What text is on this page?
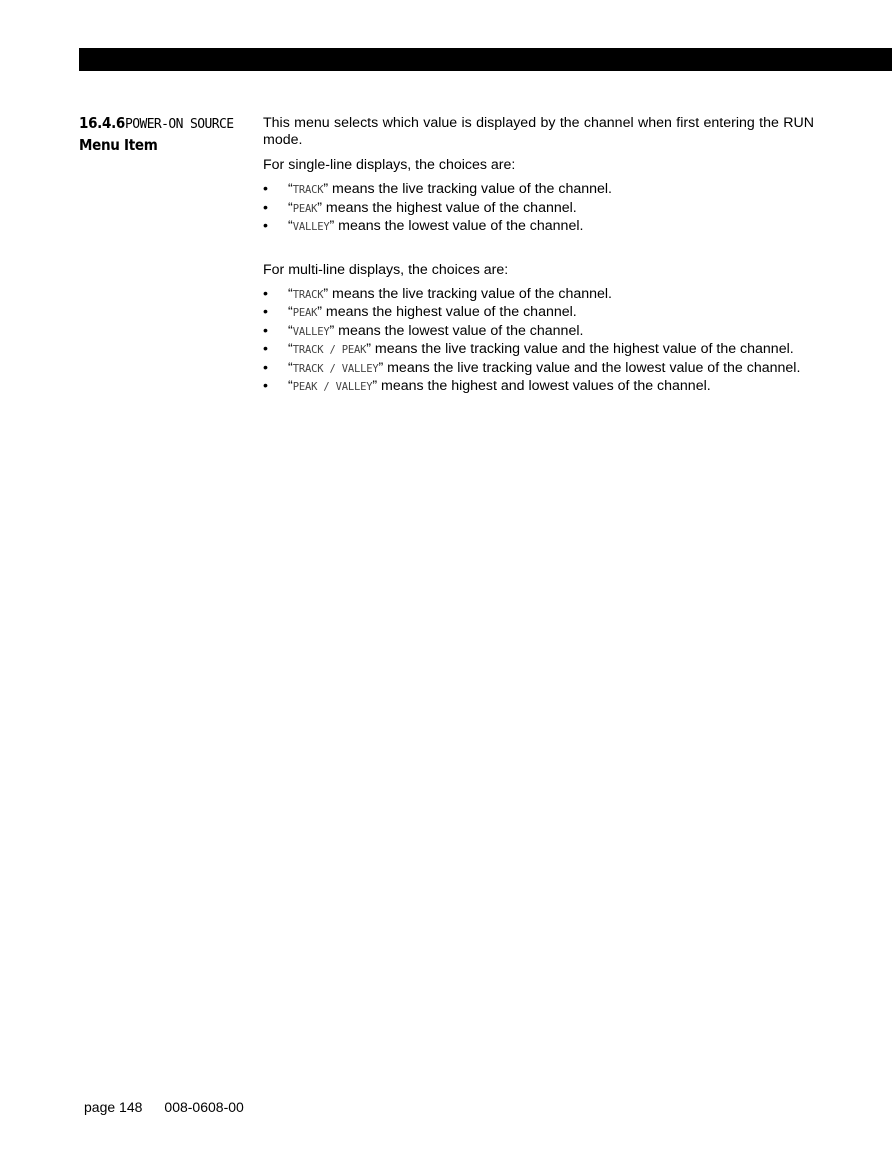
16.4.6POWER-ON SOURCE
Menu Item

This menu selects which value is displayed by the channel when first entering the RUN mode.

For single-line displays, the choices are:

• “TRACK” means the live tracking value of the channel.
• “PEAK” means the highest value of the channel.
• “VALLEY” means the lowest value of the channel.

For multi-line displays, the choices are:

• “TRACK” means the live tracking value of the channel.
• “PEAK” means the highest value of the channel.
• “VALLEY” means the lowest value of the channel.
• “TRACK / PEAK” means the live tracking value and the highest value of the channel.
• “TRACK / VALLEY” means the live tracking value and the lowest value of the channel.
• “PEAK / VALLEY” means the highest and lowest values of the channel.
page 148 008-0608-00
